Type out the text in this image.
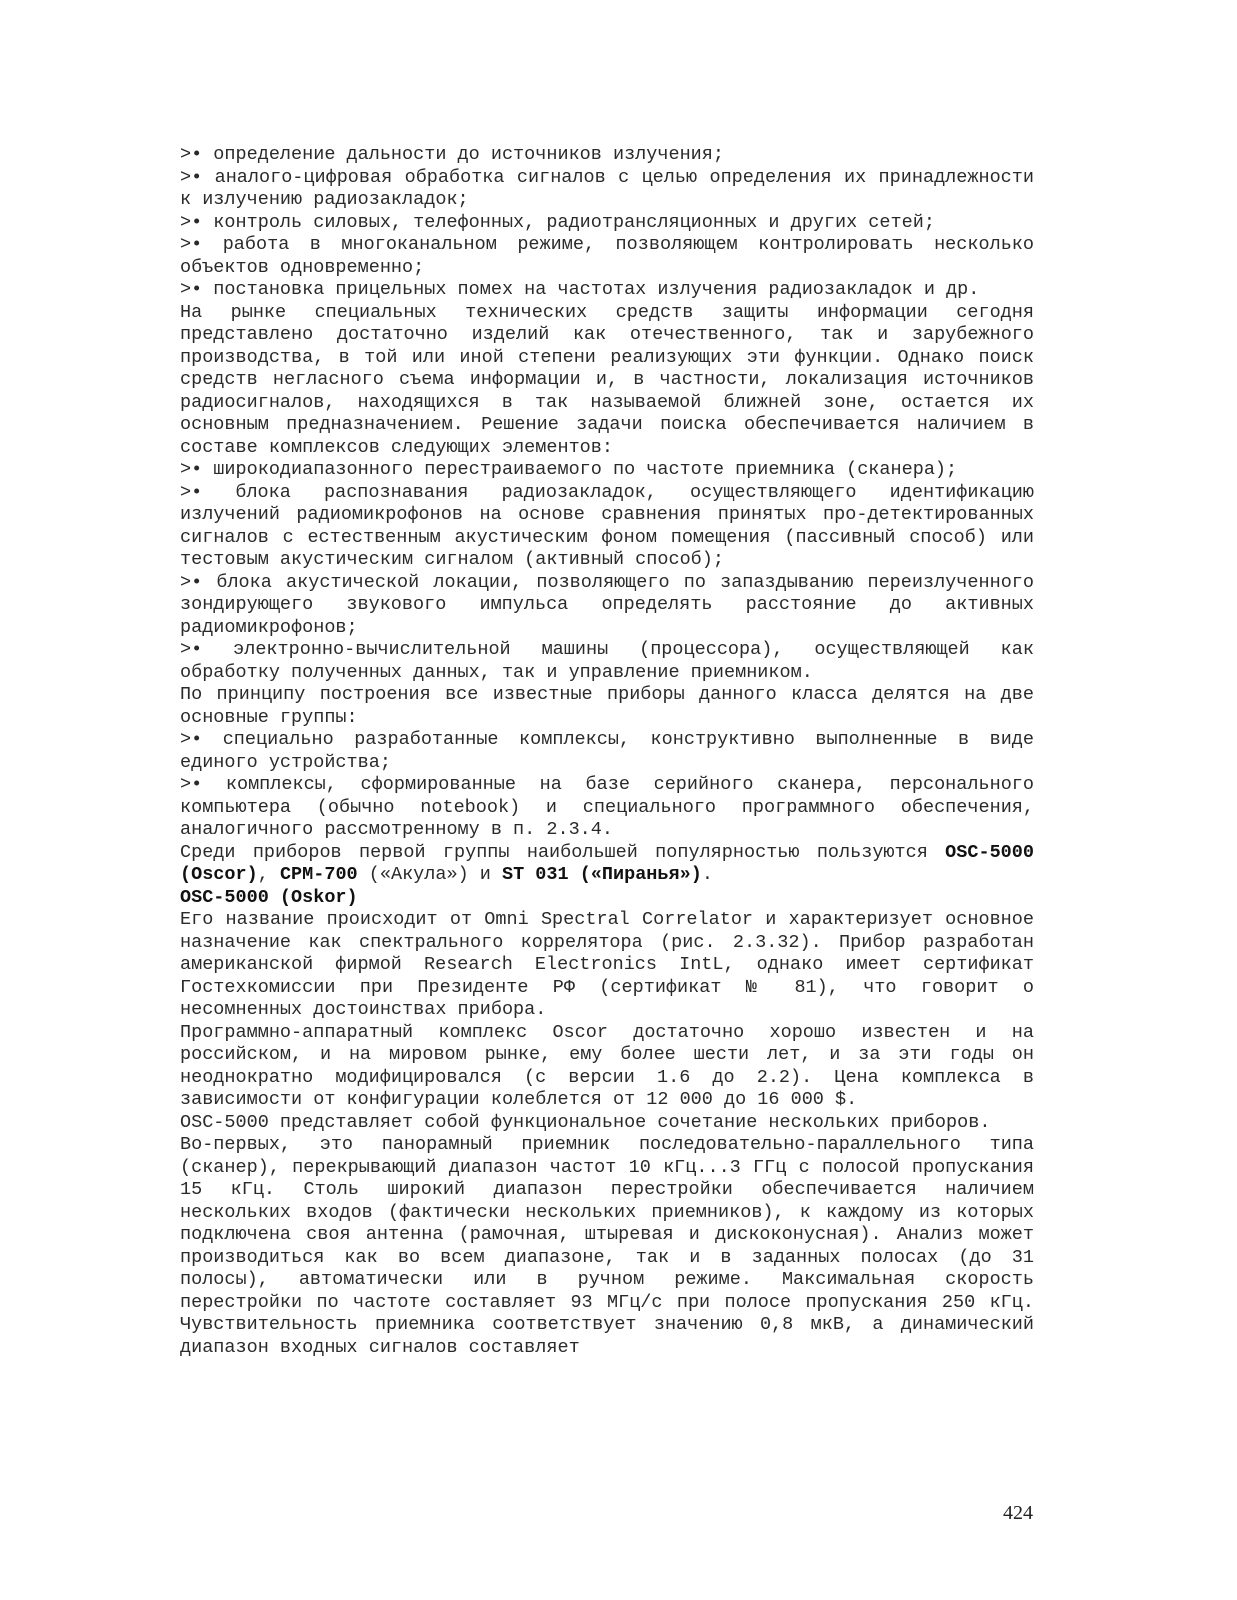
>• определение дальности до источников излучения;

>• аналого-цифровая обработка сигналов с целью определения их принадлежности к излучению радиозакладок;

>• контроль силовых, телефонных, радиотрансляционных и других сетей;

>• работа в многоканальном режиме, позволяющем контролировать несколько объектов одновременно;

>• постановка прицельных помех на частотах излучения радиозакладок и др.

На рынке специальных технических средств защиты информации сегодня представлено достаточно изделий как отечественного, так и зарубежного производства, в той или иной степени реализующих эти функции. Однако поиск средств негласного съема информации и, в частности, локализация источников радиосигналов, находящихся в так называемой ближней зоне, остается их основным предназначением. Решение задачи поиска обеспечивается наличием в составе комплексов следующих элементов:

>• широкодиапазонного перестраиваемого по частоте приемника (сканера);

>• блока распознавания радиозакладок, осуществляющего идентификацию излучений радиомикрофонов на основе сравнения принятых про-детектированных сигналов с естественным акустическим фоном помещения (пассивный способ) или тестовым акустическим сигналом (активный способ);

>• блока акустической локации, позволяющего по запаздыванию переизлученного зондирующего звукового импульса определять расстояние до активных радиомикрофонов;

>• электронно-вычислительной машины (процессора), осуществляющей как обработку полученных данных, так и управление приемником.

По принципу построения все известные приборы данного класса делятся на две основные группы:

>• специально разработанные комплексы, конструктивно выполненные в виде единого устройства;

>• комплексы, сформированные на базе серийного сканера, персонального компьютера (обычно notebook) и специального программного обеспечения, аналогичного рассмотренному в п. 2.3.4.

Среди приборов первой группы наибольшей популярностью пользуются OSC-5000 (Oscor), CPM-700 («Акула») и ST 031 («Пиранья»).

OSC-5000 (Oskor)

Его название происходит от Omni Spectral Correlator и характеризует основное назначение как спектрального коррелятора (рис. 2.3.32). Прибор разработан американской фирмой Research Electronics IntL, однако имеет сертификат Гостехкомиссии при Президенте РФ (сертификат № 81), что говорит о несомненных достоинствах прибора.

Программно-аппаратный комплекс Oscor достаточно хорошо известен и на российском, и на мировом рынке, ему более шести лет, и за эти годы он неоднократно модифицировался (с версии 1.6 до 2.2). Цена комплекса в зависимости от конфигурации колеблется от 12 000 до 16 000 $.

OSC-5000 представляет собой функциональное сочетание нескольких приборов.

Во-первых, это панорамный приемник последовательно-параллельного типа (сканер), перекрывающий диапазон частот 10 кГц...3 ГГц с полосой пропускания 15 кГц. Столь широкий диапазон перестройки обеспечивается наличием нескольких входов (фактически нескольких приемников), к каждому из которых подключена своя антенна (рамочная, штыревая и дискоконусная). Анализ может производиться как во всем диапазоне, так и в заданных полосах (до 31 полосы), автоматически или в ручном режиме. Максимальная скорость перестройки по частоте составляет 93 МГц/с при полосе пропускания 250 кГц. Чувствительность приемника соответствует значению 0,8 мкВ, а динамический диапазон входных сигналов составляет

424
